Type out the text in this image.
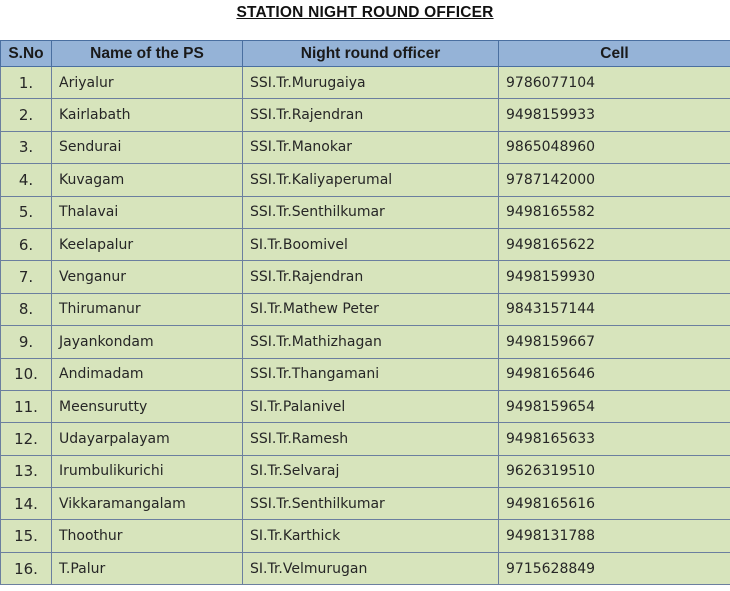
STATION NIGHT ROUND OFFICER
S.No	Name of the PS	Night round officer	Cell
1.	Ariyalur	SSI.Tr.Murugaiya	9786077104
2.	Kairlabath	SSI.Tr.Rajendran	9498159933
3.	Sendurai	SSI.Tr.Manokar	9865048960
4.	Kuvagam	SSI.Tr.Kaliyaperumal	9787142000
5.	Thalavai	SSI.Tr.Senthilkumar	9498165582
6.	Keelapalur	SI.Tr.Boomivel	9498165622
7.	Venganur	SSI.Tr.Rajendran	9498159930
8.	Thirumanur	SI.Tr.Mathew Peter	9843157144
9.	Jayankondam	SSI.Tr.Mathizhagan	9498159667
10.	Andimadam	SSI.Tr.Thangamani	9498165646
11.	Meensurutty	SI.Tr.Palanivel	9498159654
12.	Udayarpalayam	SSI.Tr.Ramesh	9498165633
13.	Irumbulikurichi	SI.Tr.Selvaraj	9626319510
14.	Vikkaramangalam	SSI.Tr.Senthilkumar	9498165616
15.	Thoothur	SI.Tr.Karthick	9498131788
16.	T.Palur	SI.Tr.Velmurugan	9715628849
